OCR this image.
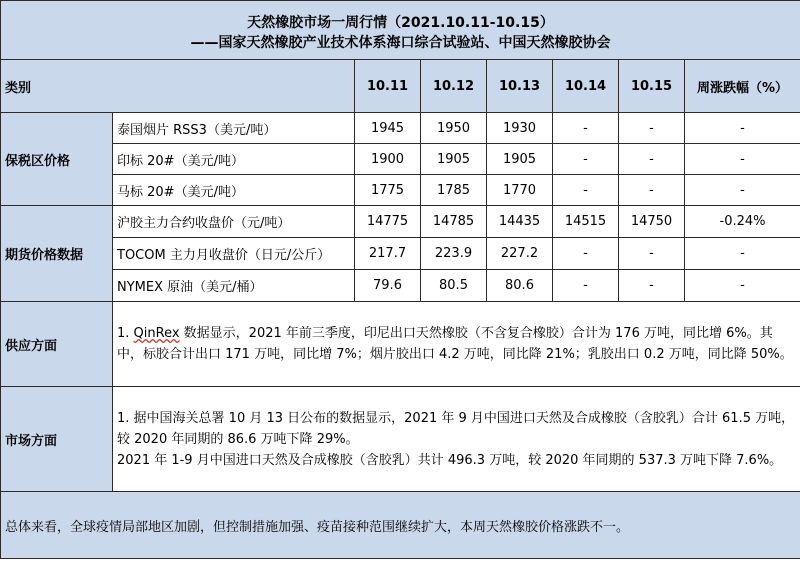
天然橡胶市场一周行情（2021.10.11-10.15）
——国家天然橡胶产业技术体系海口综合试验站、中国天然橡胶协会							

类别		10.11	10.12	10.13	10.14	10.15	周涨跌幅（%）
保税区价格	泰国烟片 RSS3（美元/吨）	1945	1950	1930	-	-	-
	印标 20#（美元/吨）	1900	1905	1905	-	-	-
	马标 20#（美元/吨）	1775	1785	1770	-	-	-
期货价格数据	沪胶主力合约收盘价（元/吨）	14775	14785	14435	14515	14750	-0.24%
	TOCOM 主力月收盘价（日元/公斤）	217.7	223.9	227.2	-	-	-
	NYMEX 原油（美元/桶）	79.6	80.5	80.6	-	-	-
供应方面	1. QinRex 数据显示，2021 年前三季度，印尼出口天然橡胶（不含复合橡胶）合计为 176 万吨，同比增 6%。其中，标胶合计出口 171 万吨，同比增 7%；烟片胶出口 4.2 万吨，同比降 21%；乳胶出口 0.2 万吨，同比降 50%。						
市场方面	1. 据中国海关总署 10 月 13 日公布的数据显示，2021 年 9 月中国进口天然及合成橡胶（含胶乳）合计 61.5 万吨，较 2020 年同期的 86.6 万吨下降 29%。
2021 年 1-9 月中国进口天然及合成橡胶（含胶乳）共计 496.3 万吨，较 2020 年同期的 537.3 万吨下降 7.6%。						

总体来看，全球疫情局部地区加剧，但控制措施加强、疫苗接种范围继续扩大，本周天然橡胶价格涨跌不一。							
